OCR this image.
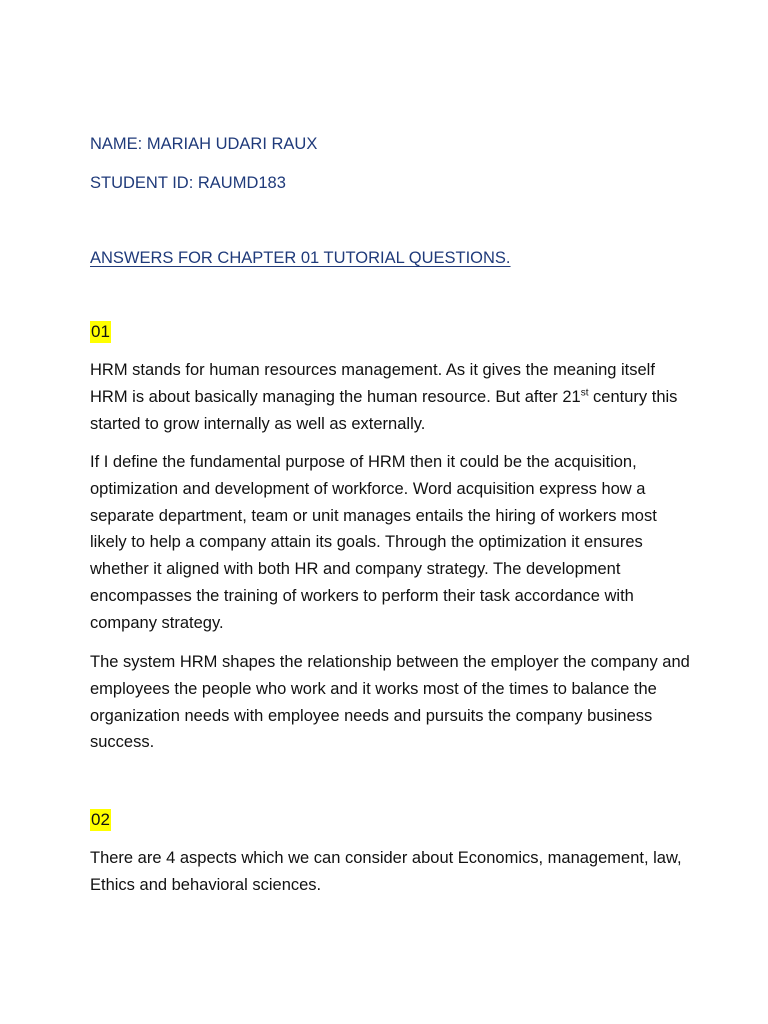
NAME: MARIAH UDARI RAUX
STUDENT ID: RAUMD183
ANSWERS FOR CHAPTER 01 TUTORIAL QUESTIONS.
01
HRM stands for human resources management. As it gives the meaning itself HRM is about basically managing the human resource. But after 21st century this started to grow internally as well as externally.
If I define the fundamental purpose of HRM then it could be the acquisition, optimization and development of workforce. Word acquisition express how a separate department, team or unit manages entails the hiring of workers most likely to help a company attain its goals. Through the optimization it ensures whether it aligned with both HR and company strategy. The development encompasses the training of workers to perform their task accordance with company strategy.
The system HRM shapes the relationship between the employer the company and employees the people who work and it works most of the times to balance the organization needs with employee needs and pursuits the company business success.
02
There are 4 aspects which we can consider about Economics, management, law, Ethics and behavioral sciences.
